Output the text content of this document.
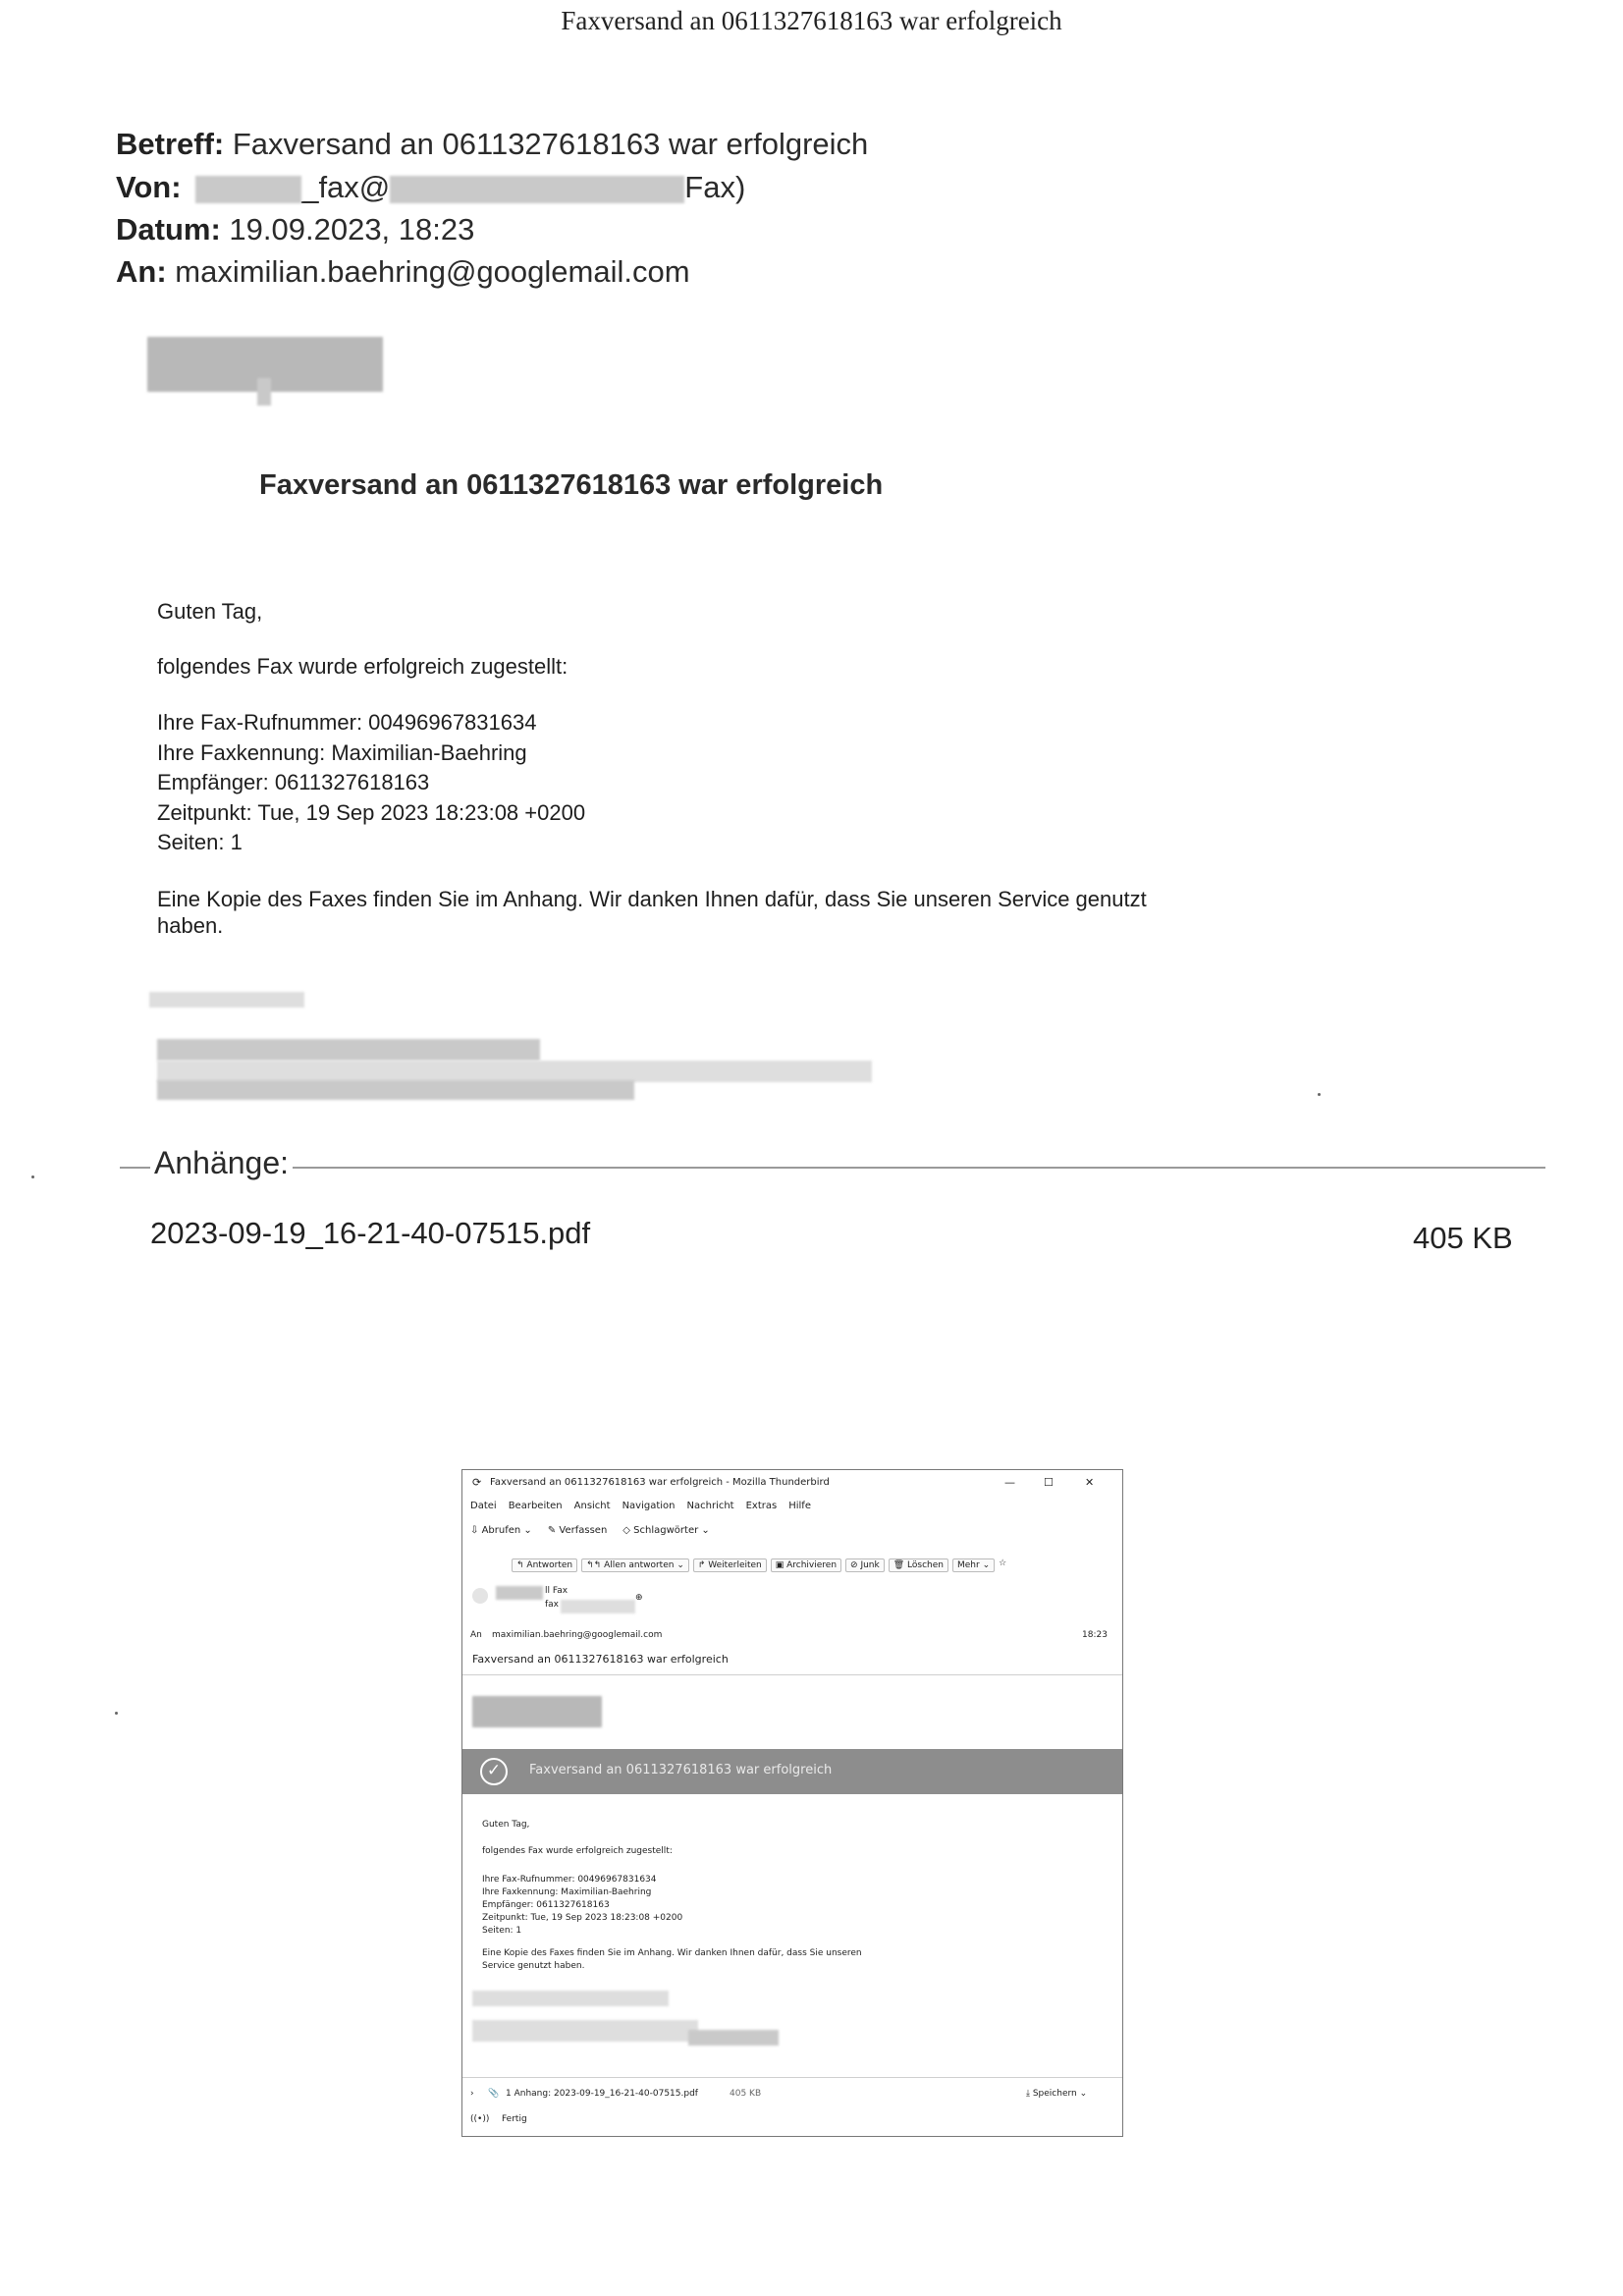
Faxversand an 0611327618163 war erfolgreich
Betreff: Faxversand an 0611327618163 war erfolgreich
Von:	_fax@	Fax)
Datum: 19.09.2023, 18:23
An: maximilian.baehring@googlemail.com
Faxversand an 0611327618163 war erfolgreich
Guten Tag,
folgendes Fax wurde erfolgreich zugestellt:
Ihre Fax-Rufnummer: 00496967831634
Ihre Faxkennung: Maximilian-Baehring
Empfänger: 0611327618163
Zeitpunkt: Tue, 19 Sep 2023 18:23:08 +0200
Seiten: 1
Eine Kopie des Faxes finden Sie im Anhang. Wir danken Ihnen dafür, dass Sie unseren Service genutzt
haben.
Anhänge:
2023-09-19_16-21-40-07515.pdf	405 KB
⟳ Faxversand an 0611327618163 war erfolgreich - Mozilla Thunderbird	—	☐	✕
Datei Bearbeiten Ansicht Navigation Nachricht Extras Hilfe
⇩ Abrufen ⌄ ✎ Verfassen ◇ Schlagwörter ⌄
↰ Antworten	↰↰ Allen antworten ⌄	↱ Weiterleiten	▣ Archivieren	⊘ Junk	🗑 Löschen	Mehr ⌄	☆
ll Fax
fax
⊕
An maximilian.baehring@googlemail.com	18:23
Faxversand an 0611327618163 war erfolgreich
✓	Faxversand an 0611327618163 war erfolgreich
Guten Tag,
folgendes Fax wurde erfolgreich zugestellt:
Ihre Fax-Rufnummer: 00496967831634
Ihre Faxkennung: Maximilian-Baehring
Empfänger: 0611327618163
Zeitpunkt: Tue, 19 Sep 2023 18:23:08 +0200
Seiten: 1
Eine Kopie des Faxes finden Sie im Anhang. Wir danken Ihnen dafür, dass Sie unseren
Service genutzt haben.
› 📎 1 Anhang: 2023-09-19_16-21-40-07515.pdf	405 KB	⤓ Speichern ⌄
((•)) Fertig
